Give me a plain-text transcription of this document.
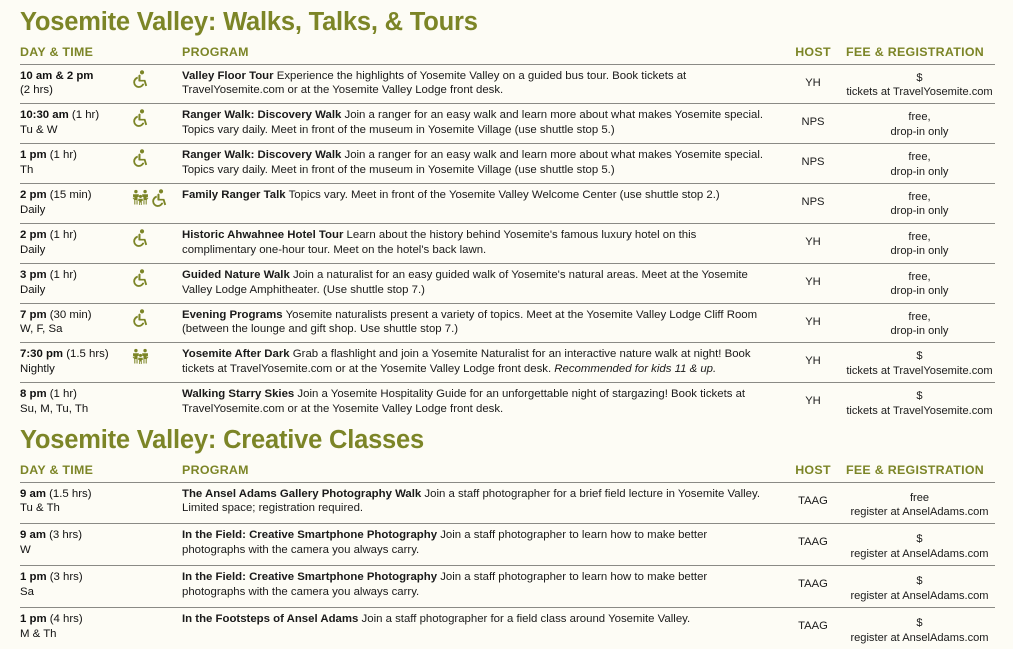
Yosemite Valley: Walks, Talks, & Tours
DAY & TIME		PROGRAM	HOST	FEE & REGISTRATION
10 am & 2 pm
(2 hrs)		Valley Floor Tour Experience the highlights of Yosemite Valley on a guided bus tour. Book tickets at TravelYosemite.com or at the Yosemite Valley Lodge front desk.	YH	$
tickets at TravelYosemite.com

10:30 am (1 hr)
Tu & W		Ranger Walk: Discovery Walk Join a ranger for an easy walk and learn more about what makes Yosemite special. Topics vary daily. Meet in front of the museum in Yosemite Village (use shuttle stop 5.)	NPS	free,
drop-in only

1 pm (1 hr)
Th		Ranger Walk: Discovery Walk Join a ranger for an easy walk and learn more about what makes Yosemite special. Topics vary daily. Meet in front of the museum in Yosemite Village (use shuttle stop 5.)	NPS	free,
drop-in only

2 pm (15 min)
Daily		Family Ranger Talk Topics vary. Meet in front of the Yosemite Valley Welcome Center (use shuttle stop 2.)	NPS	free,
drop-in only

2 pm (1 hr)
Daily		Historic Ahwahnee Hotel Tour Learn about the history behind Yosemite's famous luxury hotel on this complimentary one-hour tour. Meet on the hotel's back lawn.	YH	free,
drop-in only

3 pm (1 hr)
Daily		Guided Nature Walk Join a naturalist for an easy guided walk of Yosemite's natural areas. Meet at the Yosemite Valley Lodge Amphitheater. (Use shuttle stop 7.)	YH	free,
drop-in only

7 pm (30 min)
W, F, Sa		Evening Programs Yosemite naturalists present a variety of topics. Meet at the Yosemite Valley Lodge Cliff Room (between the lounge and gift shop. Use shuttle stop 7.)	YH	free,
drop-in only

7:30 pm (1.5 hrs)
Nightly		Yosemite After Dark Grab a flashlight and join a Yosemite Naturalist for an interactive nature walk at night! Book tickets at TravelYosemite.com or at the Yosemite Valley Lodge front desk. Recommended for kids 11 & up.	YH	$
tickets at TravelYosemite.com

8 pm (1 hr)
Su, M, Tu, Th		Walking Starry Skies Join a Yosemite Hospitality Guide for an unforgettable night of stargazing! Book tickets at TravelYosemite.com or at the Yosemite Valley Lodge front desk.	YH	$
tickets at TravelYosemite.com
Yosemite Valley: Creative Classes
DAY & TIME		PROGRAM	HOST	FEE & REGISTRATION
9 am (1.5 hrs)
Tu & Th		The Ansel Adams Gallery Photography Walk Join a staff photographer for a brief field lecture in Yosemite Valley. Limited space; registration required.	TAAG	free
register at AnselAdams.com

9 am (3 hrs)
W		In the Field: Creative Smartphone Photography Join a staff photographer to learn how to make better photographs with the camera you always carry.	TAAG	$
register at AnselAdams.com

1 pm (3 hrs)
Sa		In the Field: Creative Smartphone Photography Join a staff photographer to learn how to make better photographs with the camera you always carry.	TAAG	$
register at AnselAdams.com

1 pm (4 hrs)
M & Th		In the Footsteps of Ansel Adams Join a staff photographer for a field class around Yosemite Valley.	TAAG	$
register at AnselAdams.com
